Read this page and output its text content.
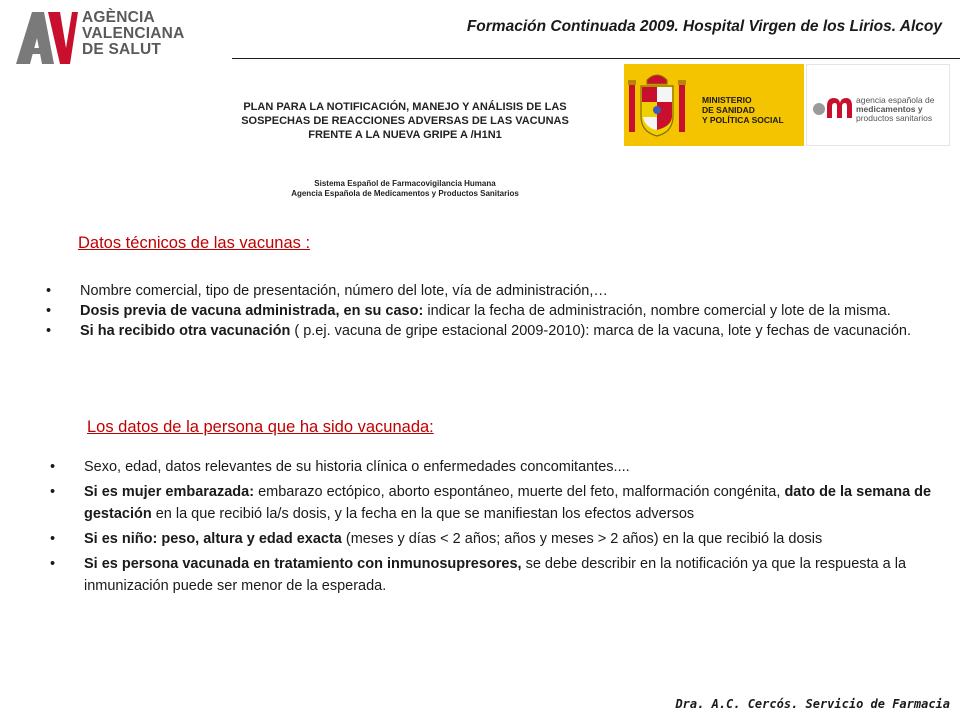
AGÈNCIA
VALENCIANA
DE SALUT
Formación Continuada 2009. Hospital Virgen de los Lirios. Alcoy
PLAN PARA LA NOTIFICACIÓN, MANEJO Y ANÁLISIS DE LAS
SOSPECHAS DE REACCIONES ADVERSAS DE LAS VACUNAS
FRENTE A LA NUEVA GRIPE A /H1N1
Sistema Español de Farmacovigilancia Humana
Agencia Española de Medicamentos y Productos Sanitarios
MINISTERIO
DE SANIDAD
Y POLÍTICA SOCIAL
agencia española de
medicamentos y
productos sanitarios
Datos técnicos de las vacunas :
• Nombre comercial, tipo de presentación, número del lote, vía de administración,…
• Dosis previa de vacuna administrada, en su caso: indicar la fecha de administración, nombre comercial y lote de la misma.
• Si ha recibido otra vacunación ( p.ej. vacuna de gripe estacional 2009-2010): marca de la vacuna, lote y fechas de vacunación.
Los datos de la persona que ha sido vacunada:
• Sexo, edad, datos relevantes de su historia clínica o enfermedades concomitantes....
• Si es mujer embarazada: embarazo ectópico, aborto espontáneo, muerte del feto, malformación congénita, dato de la semana de gestación en la que recibió la/s dosis, y la fecha en la que se manifiestan los efectos adversos
• Si es niño: peso, altura y edad exacta (meses y días < 2 años; años y meses > 2 años) en la que recibió la dosis
• Si es persona vacunada en tratamiento con inmunosupresores, se debe describir en la notificación ya que la respuesta a la inmunización puede ser menor de la esperada.
Dra. A.C. Cercós. Servicio de Farmacia
